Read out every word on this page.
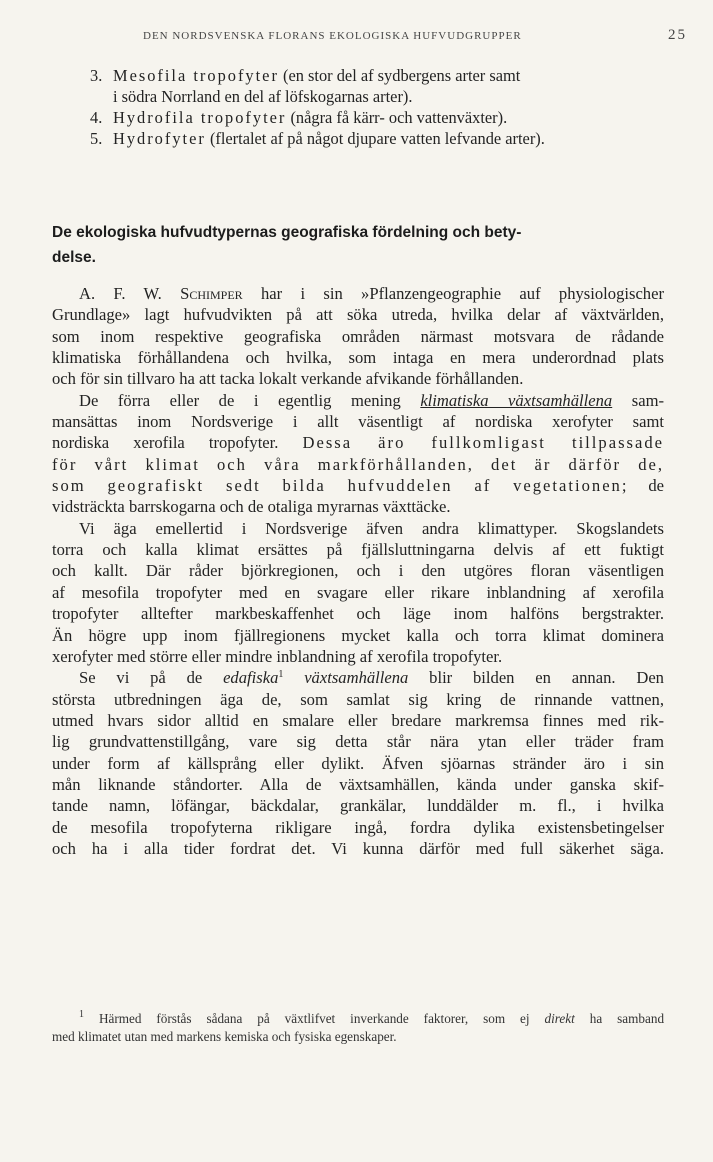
DEN NORDSVENSKA FLORANS EKOLOGISKA HUFVUDGRUPPER	25
3. Mesofila tropofyter (en stor del af sydbergens arter samt
i södra Norrland en del af löfskogarnas arter).
4. Hydrofila tropofyter (några få kärr- och vattenväxter).
5. Hydrofyter (flertalet af på något djupare vatten lefvande arter).
De ekologiska hufvudtypernas geografiska fördelning och bety-
delse.
A. F. W. Schimper har i sin »Pflanzengeographie auf physiologischer
Grundlage» lagt hufvudvikten på att söka utreda, hvilka delar af växtvärlden,
som inom respektive geografiska områden närmast motsvara de rådande
klimatiska förhållandena och hvilka, som intaga en mera underordnad plats
och för sin tillvaro ha att tacka lokalt verkande afvikande förhållanden.
De förra eller de i egentlig mening klimatiska växtsamhällena sam-
mansättas inom Nordsverige i allt väsentligt af nordiska xerofyter samt
nordiska xerofila tropofyter. Dessa äro fullkomligast tillpassade
för vårt klimat och våra markförhållanden, det är därför de,
som geografiskt sedt bilda hufvuddelen af vegetationen; de
vidsträckta barrskogarna och de otaliga myrarnas växttäcke.
Vi äga emellertid i Nordsverige äfven andra klimattyper. Skogslandets
torra och kalla klimat ersättes på fjällsluttningarna delvis af ett fuktigt
och kallt. Där råder björkregionen, och i den utgöres floran väsentligen
af mesofila tropofyter med en svagare eller rikare inblandning af xerofila
tropofyter alltefter markbeskaffenhet och läge inom halföns bergstrakter.
Än högre upp inom fjällregionens mycket kalla och torra klimat dominera
xerofyter med större eller mindre inblandning af xerofila tropofyter.
Se vi på de edafiska$^1$ växtsamhällena blir bilden en annan. Den
största utbredningen äga de, som samlat sig kring de rinnande vattnen,
utmed hvars sidor alltid en smalare eller bredare markremsa finnes med rik-
lig grundvattenstillgång, vare sig detta står nära ytan eller träder fram
under form af källsprång eller dylikt. Äfven sjöarnas stränder äro i sin
mån liknande ståndorter. Alla de växtsamhällen, kända under ganska skif-
tande namn, löfängar, bäckdalar, grankälar, lunddälder m. fl., i hvilka
de mesofila tropofyterna rikligare ingå, fordra dylika existensbetingelser
och ha i alla tider fordrat det. Vi kunna därför med full säkerhet säga.
$^1$ Härmed förstås sådana på växtlifvet inverkande faktorer, som ej direkt ha samband
med klimatet utan med markens kemiska och fysiska egenskaper.
